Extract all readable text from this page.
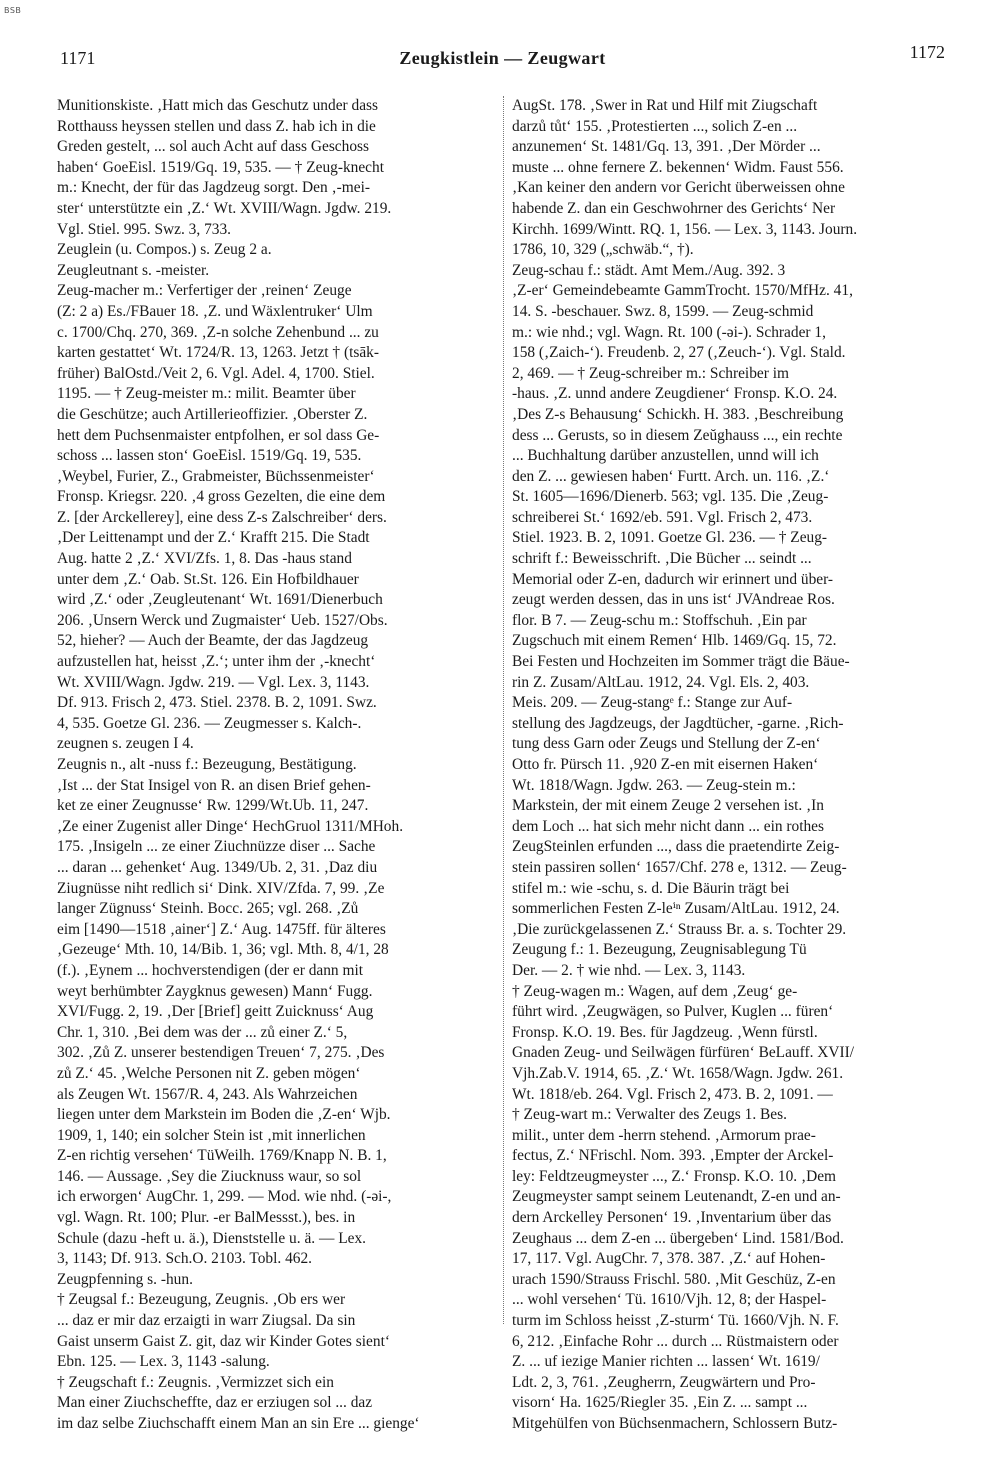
BSB
1171	Zeugkistlein — Zeugwart	1172
Munitionskiste. ‚Hatt mich das Geschutz under dass
Rotthauss heyssen stellen und dass Z. hab ich in die
Greden gestelt, ... sol auch Acht auf dass Geschoss
haben‘ GoeEisl. 1519/Gq. 19, 535. — † Zeug-knecht
m.: Knecht, der für das Jagdzeug sorgt. Den ‚-mei-
ster‘ unterstützte ein ‚Z.‘ Wt. XVIII/Wagn. Jgdw. 219.
Vgl. Stiel. 995. Swz. 3, 733.
Zeuglein (u. Compos.) s. Zeug 2 a.
Zeugleutnant s. -meister.
Zeug-macher m.: Verfertiger der ‚reinen‘ Zeuge
(Z: 2 a) Es./FBauer 18. ‚Z. und Wäxlentruker‘ Ulm
c. 1700/Chq. 270, 369. ‚Z-n solche Zehenbund ... zu
karten gestattet‘ Wt. 1724/R. 13, 1263. Jetzt † (tsāk-
früher) BalOstd./Veit 2, 6. Vgl. Adel. 4, 1700. Stiel.
1195. — † Zeug-meister m.: milit. Beamter über
die Geschütze; auch Artillerieoffizier. ‚Oberster Z.
hett dem Puchsenmaister entpfolhen, er sol dass Ge-
schoss ... lassen ston‘ GoeEisl. 1519/Gq. 19, 535.
‚Weybel, Furier, Z., Grabmeister, Büchssenmeister‘
Fronsp. Kriegsr. 220. ‚4 gross Gezelten, die eine dem
Z. [der Arckellerey], eine dess Z-s Zalschreiber‘ ders.
‚Der Leittenampt und der Z.‘ Krafft 215. Die Stadt
Aug. hatte 2 ‚Z.‘ XVI/Zfs. 1, 8. Das -haus stand
unter dem ‚Z.‘ Oab. St.St. 126. Ein Hofbildhauer
wird ‚Z.‘ oder ‚Zeugleutenant‘ Wt. 1691/Dienerbuch
206. ‚Unsern Werck und Zugmaister‘ Ueb. 1527/Obs.
52, hieher? — Auch der Beamte, der das Jagdzeug
aufzustellen hat, heisst ‚Z.‘; unter ihm der ‚-knecht‘
Wt. XVIII/Wagn. Jgdw. 219. — Vgl. Lex. 3, 1143.
Df. 913. Frisch 2, 473. Stiel. 2378. B. 2, 1091. Swz.
4, 535. Goetze Gl. 236. — Zeugmesser s. Kalch-.
zeugnen s. zeugen I 4.
Zeugnis n., alt -nuss f.: Bezeugung, Bestätigung.
‚Ist ... der Stat Insigel von R. an disen Brief gehen-
ket ze einer Zeugnusse‘ Rw. 1299/Wt.Ub. 11, 247.
‚Ze einer Zugenist aller Dinge‘ HechGruol 1311/MHoh.
175. ‚Insigeln ... ze einer Ziuchnüzze diser ... Sache
... daran ... gehenket‘ Aug. 1349/Ub. 2, 31. ‚Daz diu
Ziugnüsse niht redlich si‘ Dink. XIV/Zfda. 7, 99. ‚Ze
langer Zügnuss‘ Steinh. Bocc. 265; vgl. 268. ‚Zů
eim [1490—1518 ‚ainer‘] Z.‘ Aug. 1475ff. für älteres
‚Gezeuge‘ Mth. 10, 14/Bib. 1, 36; vgl. Mth. 8, 4/1, 28
(f.). ‚Eynem ... hochverstendigen (der er dann mit
weyt berhümbter Zaygknus gewesen) Mann‘ Fugg.
XVI/Fugg. 2, 19. ‚Der [Brief] geitt Zuicknuss‘ Aug
Chr. 1, 310. ‚Bei dem was der ... zů einer Z.‘ 5,
302. ‚Zů Z. unserer bestendigen Treuen‘ 7, 275. ‚Des
zů Z.‘ 45. ‚Welche Personen nit Z. geben mögen‘
als Zeugen Wt. 1567/R. 4, 243. Als Wahrzeichen
liegen unter dem Markstein im Boden die ‚Z-en‘ Wjb.
1909, 1, 140; ein solcher Stein ist ‚mit innerlichen
Z-en richtig versehen‘ TüWeilh. 1769/Knapp N. B. 1,
146. — Aussage. ‚Sey die Ziucknuss waur, so sol
ich erworgen‘ AugChr. 1, 299. — Mod. wie nhd. (-əi-,
vgl. Wagn. Rt. 100; Plur. -er BalMessst.), bes. in
Schule (dazu -heft u. ä.), Dienststelle u. ä. — Lex.
3, 1143; Df. 913. Sch.O. 2103. Tobl. 462.
Zeugpfenning s. -hun.
† Zeugsal f.: Bezeugung, Zeugnis. ‚Ob ers wer
... daz er mir daz erzaigti in warr Ziugsal. Da sin
Gaist unserm Gaist Z. git, daz wir Kinder Gotes sient‘
Ebn. 125. — Lex. 3, 1143 -salung.
† Zeugschaft f.: Zeugnis. ‚Vermizzet sich ein
Man einer Ziuchscheffte, daz er erziugen sol ... daz
im daz selbe Ziuchschafft einem Man an sin Ere ... gienge‘
AugSt. 178. ‚Swer in Rat und Hilf mit Ziugschaft
darzů tůt‘ 155. ‚Protestierten ..., solich Z-en ...
anzunemen‘ St. 1481/Gq. 13, 391. ‚Der Mörder ...
muste ... ohne fernere Z. bekennen‘ Widm. Faust 556.
‚Kan keiner den andern vor Gericht überweissen ohne
habende Z. dan ein Geschwohrner des Gerichts‘ Ner
Kirchh. 1699/Wintt. RQ. 1, 156. — Lex. 3, 1143. Journ.
1786, 10, 329 („schwäb.“, †).
Zeug-schau f.: städt. Amt Mem./Aug. 392. 3
‚Z-er‘ Gemeindebeamte GammTrocht. 1570/MfHz. 41,
14. S. -beschauer. Swz. 8, 1599. — Zeug-schmid
m.: wie nhd.; vgl. Wagn. Rt. 100 (-əi-). Schrader 1,
158 (‚Zaich-‘). Freudenb. 2, 27 (‚Zeuch-‘). Vgl. Stald.
2, 469. — † Zeug-schreiber m.: Schreiber im
-haus. ‚Z. unnd andere Zeugdiener‘ Fronsp. K.O. 24.
‚Des Z-s Behausung‘ Schickh. H. 383. ‚Beschreibung
dess ... Gerusts, so in diesem Zeŭghauss ..., ein rechte
... Buchhaltung darüber anzustellen, unnd will ich
den Z. ... gewiesen haben‘ Furtt. Arch. un. 116. ‚Z.‘
St. 1605—1696/Dienerb. 563; vgl. 135. Die ‚Zeug-
schreiberei St.‘ 1692/eb. 591. Vgl. Frisch 2, 473.
Stiel. 1923. B. 2, 1091. Goetze Gl. 236. — † Zeug-
schrift f.: Beweisschrift. ‚Die Bücher ... seindt ...
Memorial oder Z-en, dadurch wir erinnert und über-
zeugt werden dessen, das in uns ist‘ JVAndreae Ros.
flor. B 7. — Zeug-schu m.: Stoffschuh. ‚Ein par
Zugschuch mit einem Remen‘ Hlb. 1469/Gq. 15, 72.
Bei Festen und Hochzeiten im Sommer trägt die Bäue-
rin Z. Zusam/AltLau. 1912, 24. Vgl. Els. 2, 403.
Meis. 209. — Zeug-stangᵉ f.: Stange zur Auf-
stellung des Jagdzeugs, der Jagdtücher, -garne. ‚Rich-
tung dess Garn oder Zeugs und Stellung der Z-en‘
Otto fr. Pürsch 11. ‚920 Z-en mit eisernen Haken‘
Wt. 1818/Wagn. Jgdw. 263. — Zeug-stein m.:
Markstein, der mit einem Zeuge 2 versehen ist. ‚In
dem Loch ... hat sich mehr nicht dann ... ein rothes
ZeugSteinlen erfunden ..., dass die praetendirte Zeig-
stein passiren sollen‘ 1657/Chf. 278 e, 1312. — Zeug-
stifel m.: wie -schu, s. d. Die Bäurin trägt bei
sommerlichen Festen Z-leⁱⁿ Zusam/AltLau. 1912, 24.
‚Die zurückgelassenen Z.‘ Strauss Br. a. s. Tochter 29.
Zeugung f.: 1. Bezeugung, Zeugnisablegung Tü
Der. — 2. † wie nhd. — Lex. 3, 1143.
† Zeug-wagen m.: Wagen, auf dem ‚Zeug‘ ge-
führt wird. ‚Zeugwägen, so Pulver, Kuglen ... füren‘
Fronsp. K.O. 19. Bes. für Jagdzeug. ‚Wenn fürstl.
Gnaden Zeug- und Seilwägen fürfüren‘ BeLauff. XVII/
Vjh.Zab.V. 1914, 65. ‚Z.‘ Wt. 1658/Wagn. Jgdw. 261.
Wt. 1818/eb. 264. Vgl. Frisch 2, 473. B. 2, 1091. —
† Zeug-wart m.: Verwalter des Zeugs 1. Bes.
milit., unter dem -herrn stehend. ‚Armorum prae-
fectus, Z.‘ NFrischl. Nom. 393. ‚Empter der Arckel-
ley: Feldtzeugmeyster ..., Z.‘ Fronsp. K.O. 10. ‚Dem
Zeugmeyster sampt seinem Leutenandt, Z-en und an-
dern Arckelley Personen‘ 19. ‚Inventarium über das
Zeughaus ... dem Z-en ... übergeben‘ Lind. 1581/Bod.
17, 117. Vgl. AugChr. 7, 378. 387. ‚Z.‘ auf Hohen-
urach 1590/Strauss Frischl. 580. ‚Mit Geschüz, Z-en
... wohl versehen‘ Tü. 1610/Vjh. 12, 8; der Haspel-
turm im Schloss heisst ‚Z-sturm‘ Tü. 1660/Vjh. N. F.
6, 212. ‚Einfache Rohr ... durch ... Rüstmaistern oder
Z. ... uf iezige Manier richten ... lassen‘ Wt. 1619/
Ldt. 2, 3, 761. ‚Zeugherrn, Zeugwärtern und Pro-
visorn‘ Ha. 1625/Riegler 35. ‚Ein Z. ... sampt ...
Mitgehülfen von Büchsenmachern, Schlossern Butz-
